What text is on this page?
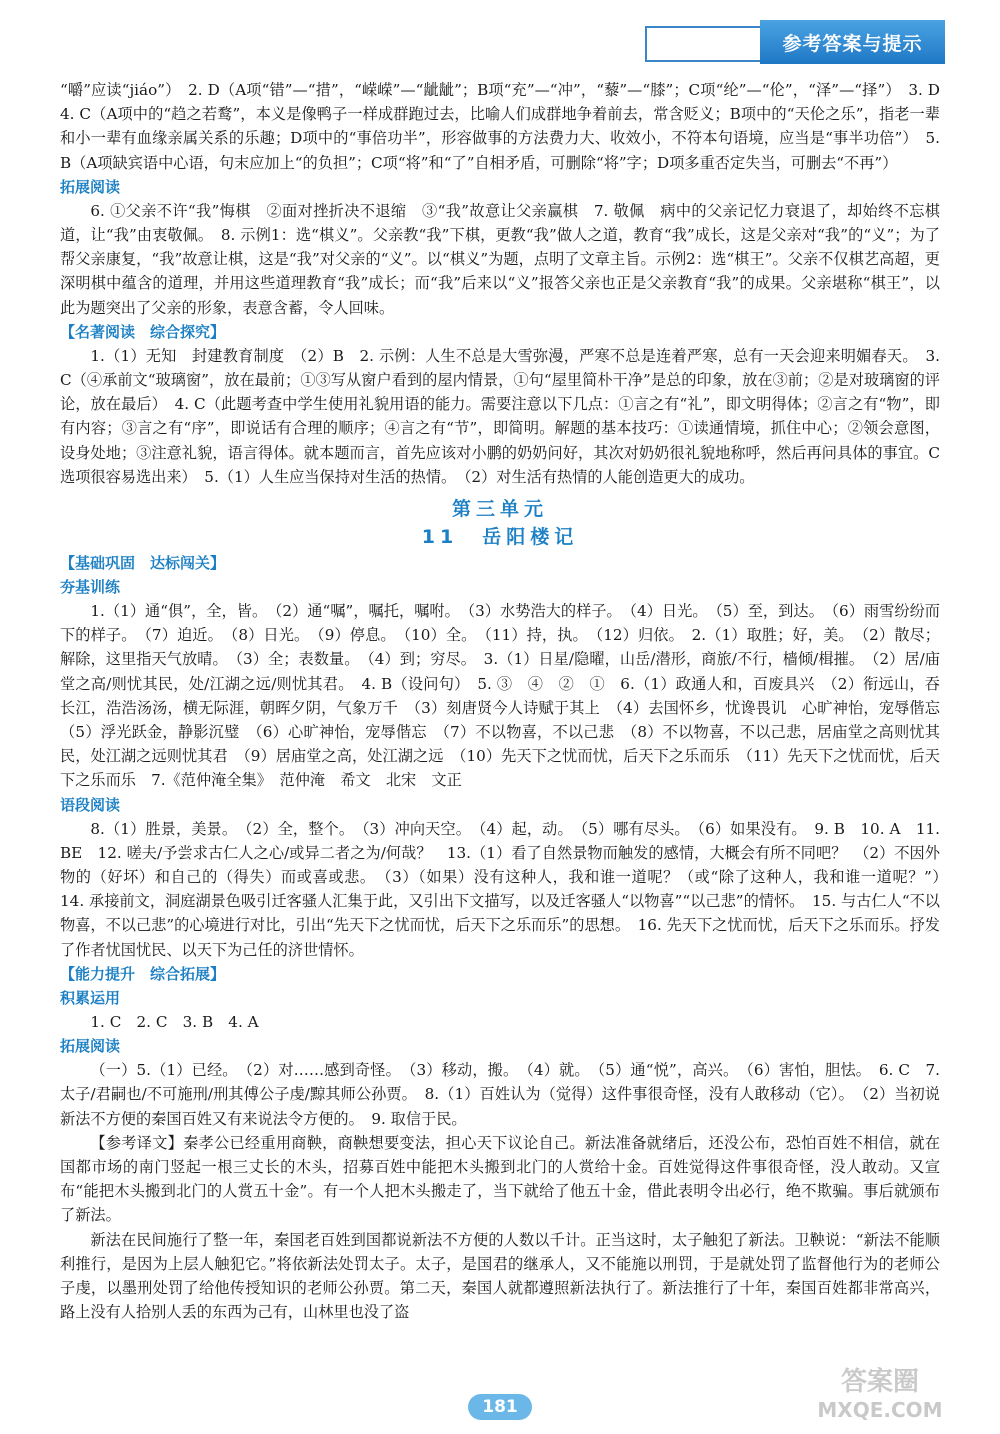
参考答案与提示

“嚼”应读“jiáo”）　2. D（A项“错”—“措”，“嵘嵘”—“龇龇”；B项“充”—“冲”，“藜”—“膝”；C项“纶”—“伦”，“泽”—“择”）　3. D　4. C（A项中的“趋之若鹜”，本义是像鸭子一样成群跑过去，比喻人们成群地争着前去，常含贬义；B项中的“天伦之乐”，指老一辈和小一辈有血缘亲属关系的乐趣；D项中的“事倍功半”，形容做事的方法费力大、收效小，不符本句语境，应当是“事半功倍”）　5. B（A项缺宾语中心语，句末应加上“的负担”；C项“将”和“了”自相矛盾，可删除“将”字；D项多重否定失当，可删去“不再”）

拓展阅读

6. ①父亲不许“我”悔棋　②面对挫折决不退缩　③“我”故意让父亲赢棋　7. 敬佩　病中的父亲记忆力衰退了，却始终不忘棋道，让“我”由衷敬佩。　8. 示例1：选“棋义”。父亲教“我”下棋，更教“我”做人之道，教育“我”成长，这是父亲对“我”的“义”；为了帮父亲康复，“我”故意让棋，这是“我”对父亲的“义”。以“棋义”为题，点明了文章主旨。示例2：选“棋王”。父亲不仅棋艺高超，更深明棋中蕴含的道理，并用这些道理教育“我”成长；而“我”后来以“义”报答父亲也正是父亲教育“我”的成果。父亲堪称“棋王”，以此为题突出了父亲的形象，表意含蓄，令人回味。

【名著阅读　综合探究】

1.（1）无知　封建教育制度　（2）B　2. 示例：人生不总是大雪弥漫，严寒不总是连着严寒，总有一天会迎来明媚春天。　3. C（④承前文“玻璃窗”，放在最前；①③写从窗户看到的屋内情景，①句“屋里简朴干净”是总的印象，放在③前；②是对玻璃窗的评论，放在最后）　4. C（此题考查中学生使用礼貌用语的能力。需要注意以下几点：①言之有“礼”，即文明得体；②言之有“物”，即有内容；③言之有“序”，即说话有合理的顺序；④言之有“节”，即简明。解题的基本技巧：①读通情境，抓住中心；②领会意图，设身处地；③注意礼貌，语言得体。就本题而言，首先应该对小鹏的奶奶问好，其次对奶奶很礼貌地称呼，然后再问具体的事宜。C选项很容易选出来）　5.（1）人生应当保持对生活的热情。　（2）对生活有热情的人能创造更大的成功。

第三单元

11　岳阳楼记

【基础巩固　达标闯关】

夯基训练

1.（1）通“俱”，全，皆。　（2）通“嘱”，嘱托，嘱咐。　（3）水势浩大的样子。　（4）日光。　（5）至，到达。　（6）雨雪纷纷而下的样子。　（7）迫近。　（8）日光。　（9）停息。　（10）全。　（11）持，执。　（12）归依。　2.（1）取胜；好，美。　（2）散尽；解除，这里指天气放晴。　（3）全；表数量。　（4）到；穷尽。　3.（1）日星/隐曜，山岳/潜形，商旅/不行，樯倾/楫摧。　（2）居/庙堂之高/则忧其民，处/江湖之远/则忧其君。　4. B（设问句）　5. ③　④　②　①　6.（1）政通人和，百废具兴　（2）衔远山，吞长江，浩浩汤汤，横无际涯，朝晖夕阴，气象万千　（3）刻唐贤今人诗赋于其上　（4）去国怀乡，忧谗畏讥　心旷神怡，宠辱偕忘　（5）浮光跃金，静影沉璧　（6）心旷神怡，宠辱偕忘　（7）不以物喜，不以己悲　（8）不以物喜，不以己悲，居庙堂之高则忧其民，处江湖之远则忧其君　（9）居庙堂之高，处江湖之远　（10）先天下之忧而忧，后天下之乐而乐　（11）先天下之忧而忧，后天下之乐而乐　7.《范仲淹全集》　范仲淹　希文　北宋　文正

语段阅读

8.（1）胜景，美景。　（2）全，整个。　（3）冲向天空。　（4）起，动。　（5）哪有尽头。　（6）如果没有。　9. B　10. A　11. BE　12. 嗟夫/予尝求古仁人之心/或异二者之为/何哉？　13.（1）看了自然景物而触发的感情，大概会有所不同吧？　（2）不因外物的（好坏）和自己的（得失）而或喜或悲。　（3）（如果）没有这种人，我和谁一道呢？（或“除了这种人，我和谁一道呢？”）　14. 承接前文，洞庭湖景色吸引迁客骚人汇集于此，又引出下文描写，以及迁客骚人“以物喜”“以己悲”的情怀。　15. 与古仁人“不以物喜，不以己悲”的心境进行对比，引出“先天下之忧而忧，后天下之乐而乐”的思想。　16. 先天下之忧而忧，后天下之乐而乐。抒发了作者忧国忧民、以天下为己任的济世情怀。

【能力提升　综合拓展】

积累运用

1. C　2. C　3. B　4. A

拓展阅读

（一）5.（1）已经。　（2）对……感到奇怪。　（3）移动，搬。　（4）就。　（5）通“悦”，高兴。　（6）害怕，胆怯。　6. C　7. 太子/君嗣也/不可施刑/刑其傅公子虔/黥其师公孙贾。　8.（1）百姓认为（觉得）这件事很奇怪，没有人敢移动（它）。　（2）当初说新法不方便的秦国百姓又有来说法令方便的。　9. 取信于民。

【参考译文】秦孝公已经重用商鞅，商鞅想要变法，担心天下议论自己。新法准备就绪后，还没公布，恐怕百姓不相信，就在国都市场的南门竖起一根三丈长的木头，招募百姓中能把木头搬到北门的人赏给十金。百姓觉得这件事很奇怪，没人敢动。又宣布“能把木头搬到北门的人赏五十金”。有一个人把木头搬走了，当下就给了他五十金，借此表明令出必行，绝不欺骗。事后就颁布了新法。

新法在民间施行了整一年，秦国老百姓到国都说新法不方便的人数以千计。正当这时，太子触犯了新法。卫鞅说：“新法不能顺利推行，是因为上层人触犯它。”将依新法处罚太子。太子，是国君的继承人，又不能施以刑罚，于是就处罚了监督他行为的老师公子虔，以墨刑处罚了给他传授知识的老师公孙贾。第二天，秦国人就都遵照新法执行了。新法推行了十年，秦国百姓都非常高兴，路上没有人拾别人丢的东西为己有，山林里也没了盗

181
答案圈
MXQE.COM
